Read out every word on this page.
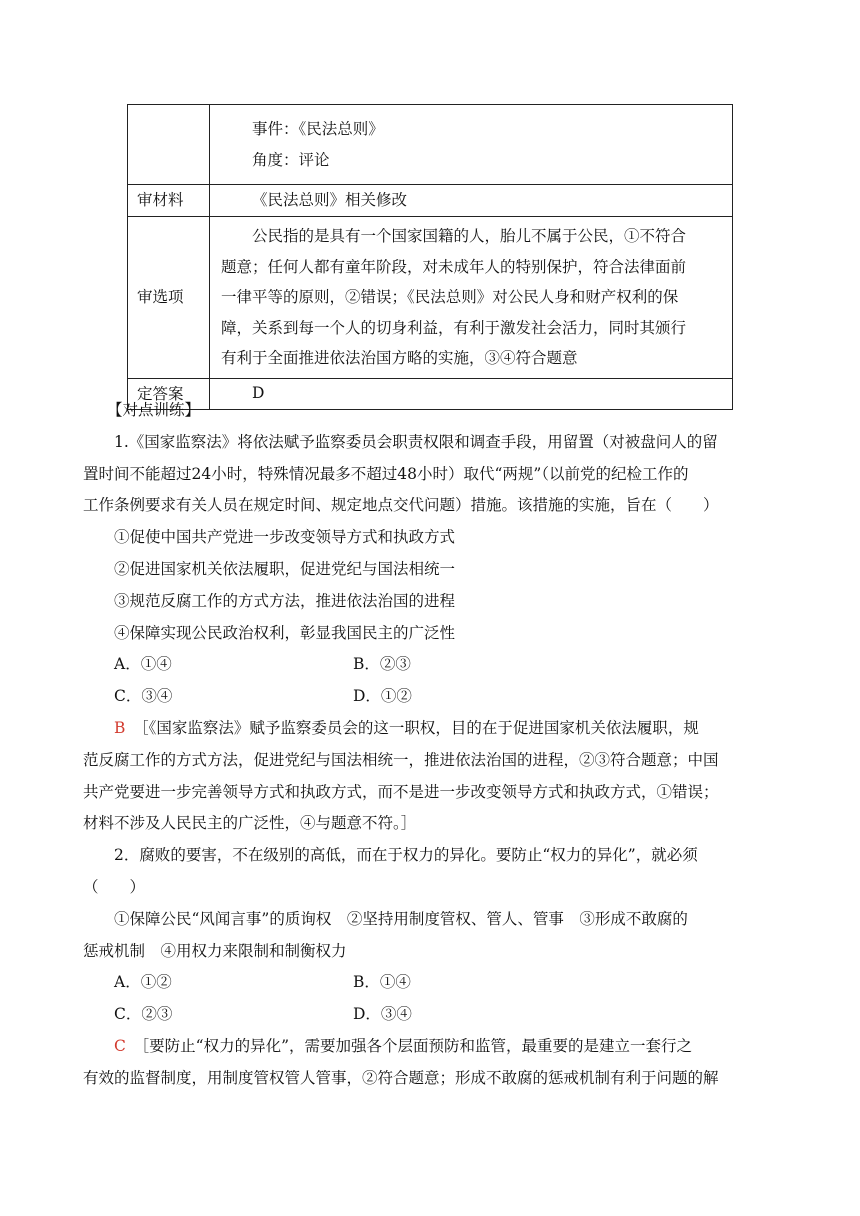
	事件：《民法总则》
角度：评论

审材料	《民法总则》相关修改

审选项	公民指的是具有一个国家国籍的人，胎儿不属于公民，①不符合
题意；任何人都有童年阶段，对未成年人的特别保护，符合法律面前
一律平等的原则，②错误；《民法总则》对公民人身和财产权利的保
障，关系到每一个人的切身利益，有利于激发社会活力，同时其颁行
有利于全面推进依法治国方略的实施，③④符合题意

定答案	D

【对点训练】

1.《国家监察法》将依法赋予监察委员会职责权限和调查手段，用留置（对被盘问人的留

置时间不能超过24小时，特殊情况最多不超过48小时）取代“两规”（以前党的纪检工作的

工作条例要求有关人员在规定时间、规定地点交代问题）措施。该措施的实施，旨在（　　）

①促使中国共产党进一步改变领导方式和执政方式

②促进国家机关依法履职，促进党纪与国法相统一

③规范反腐工作的方式方法，推进依法治国的进程

④保障实现公民政治权利，彰显我国民主的广泛性

A．①④	B．②③
C．③④	D．①②

B　 ［《国家监察法》赋予监察委员会的这一职权，目的在于促进国家机关依法履职，规

范反腐工作的方式方法，促进党纪与国法相统一，推进依法治国的进程，②③符合题意；中国

共产党要进一步完善领导方式和执政方式，而不是进一步改变领导方式和执政方式，①错误；

材料不涉及人民民主的广泛性，④与题意不符。］

2．腐败的要害，不在级别的高低，而在于权力的异化。要防止“权力的异化”，就必须

（　　）

①保障公民“风闻言事”的质询权　②坚持用制度管权、管人、管事　③形成不敢腐的

惩戒机制　④用权力来限制和制衡权力

A．①②	B．①④
C．②③	D．③④

C　 ［要防止“权力的异化”，需要加强各个层面预防和监管，最重要的是建立一套行之

有效的监督制度，用制度管权管人管事，②符合题意；形成不敢腐的惩戒机制有利于问题的解
